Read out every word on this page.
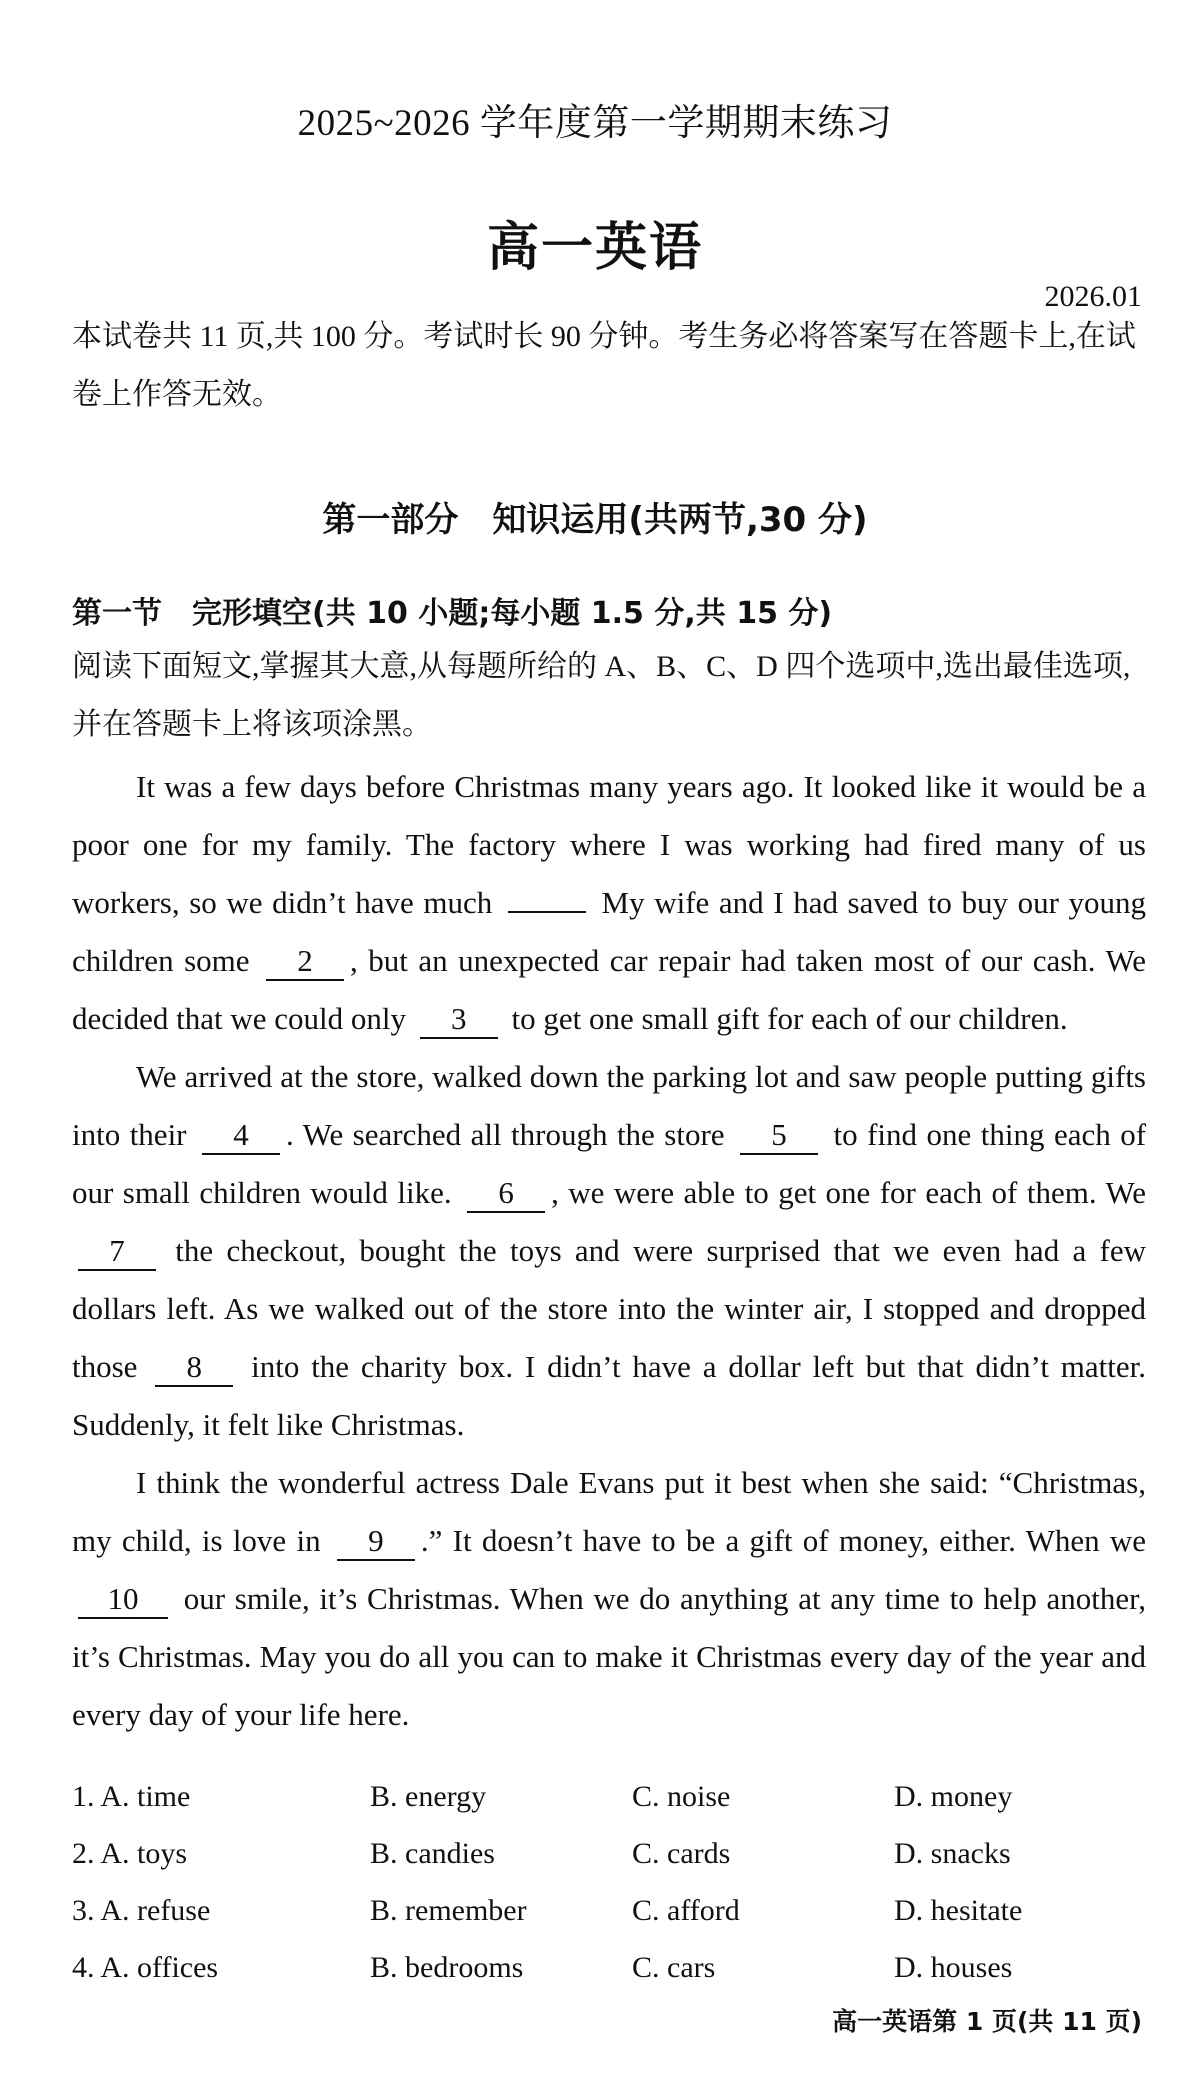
2025~2026 学年度第一学期期末练习
高一英语
2026.01
本试卷共 11 页,共 100 分。考试时长 90 分钟。考生务必将答案写在答题卡上,在试卷上作答无效。
第一部分　知识运用(共两节,30 分)
第一节　完形填空(共 10 小题;每小题 1.5 分,共 15 分)
阅读下面短文,掌握其大意,从每题所给的 A、B、C、D 四个选项中,选出最佳选项,并在答题卡上将该项涂黑。

It was a few days before Christmas many years ago. It looked like it would be a poor one for my family. The factory where I was working had fired many of us workers, so we didn’t have much	My wife and I had saved to buy our young children some 2 , but an unexpected car repair had taken most of our cash. We decided that we could only 3 to get one small gift for each of our children.

We arrived at the store, walked down the parking lot and saw people putting gifts into their 4 . We searched all through the store 5 to find one thing each of our small children would like. 6 , we were able to get one for each of them. We 7 the checkout, bought the toys and were surprised that we even had a few dollars left. As we walked out of the store into the winter air, I stopped and dropped those 8 into the charity box. I didn’t have a dollar left but that didn’t matter. Suddenly, it felt like Christmas.

I think the wonderful actress Dale Evans put it best when she said: “Christmas, my child, is love in 9 .” It doesn’t have to be a gift of money, either. When we 10 our smile, it’s Christmas. When we do anything at any time to help another, it’s Christmas. May you do all you can to make it Christmas every day of the year and every day of your life here.

1. A. time	B. energy	C. noise	D. money
2. A. toys	B. candies	C. cards	D. snacks
3. A. refuse	B. remember	C. afford	D. hesitate
4. A. offices	B. bedrooms	C. cars	D. houses
高一英语第 1 页(共 11 页)
